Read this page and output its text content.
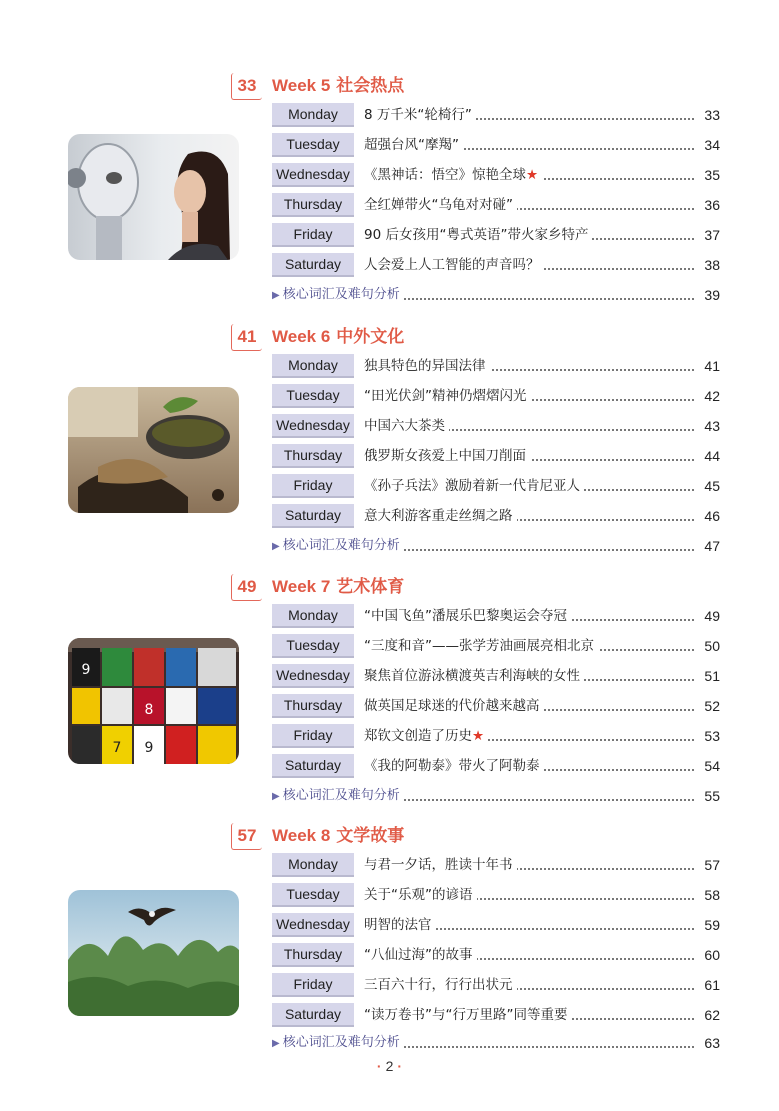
33 Week 5 社会热点
Monday	8 万千米“轮椅行”	33
Tuesday	超强台风“摩羯”	34
Wednesday	《黑神话：悟空》惊艳全球★	35
Thursday	全红婵带火“乌龟对对碰”	36
Friday	90 后女孩用“粤式英语”带火家乡特产	37
Saturday	人会爱上人工智能的声音吗？	38
▶ 核心词汇及难句分析	39
41 Week 6 中外文化
Monday	独具特色的异国法律	41
Tuesday	“田光伏剑”精神仍熠熠闪光	42
Wednesday	中国六大茶类	43
Thursday	俄罗斯女孩爱上中国刀削面	44
Friday	《孙子兵法》激励着新一代肯尼亚人	45
Saturday	意大利游客重走丝绸之路	46
▶ 核心词汇及难句分析	47
49 Week 7 艺术体育
9
8
7 9
Monday	“中国飞鱼”潘展乐巴黎奥运会夺冠	49
Tuesday	“三度和音”——张学芳油画展亮相北京	50
Wednesday	聚焦首位游泳横渡英吉利海峡的女性	51
Thursday	做英国足球迷的代价越来越高	52
Friday	郑钦文创造了历史★	53
Saturday	《我的阿勒泰》带火了阿勒泰	54
▶ 核心词汇及难句分析	55
57 Week 8 文学故事
Monday	与君一夕话，胜读十年书	57
Tuesday	关于“乐观”的谚语	58
Wednesday	明智的法官	59
Thursday	“八仙过海”的故事	60
Friday	三百六十行，行行出状元	61
Saturday	“读万卷书”与“行万里路”同等重要	62
▶ 核心词汇及难句分析	63
· 2 ·
